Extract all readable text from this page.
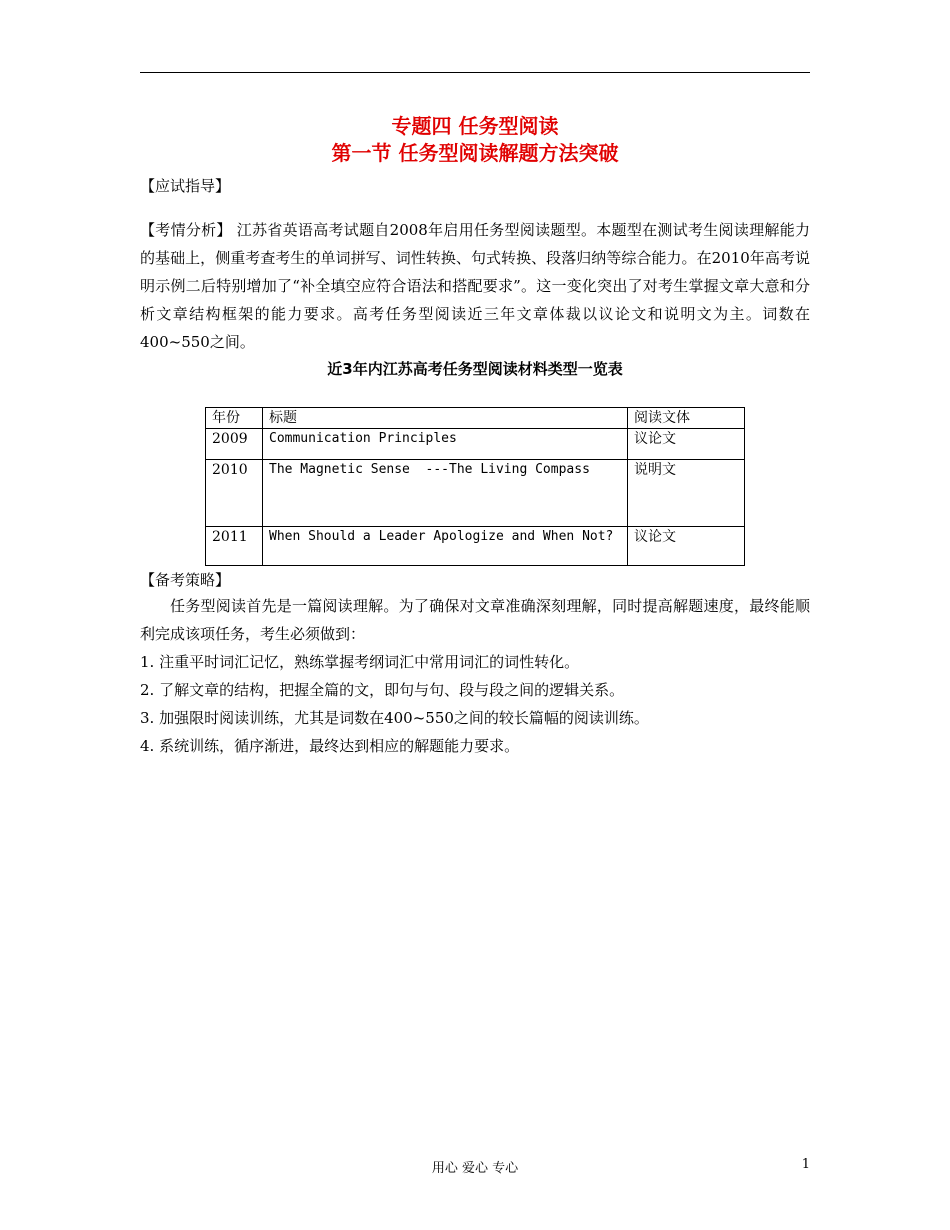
专题四 任务型阅读
第一节 任务型阅读解题方法突破
【应试指导】
【考情分析】 江苏省英语高考试题自2008年启用任务型阅读题型。本题型在测试考生阅读理解能力的基础上，侧重考查考生的单词拼写、词性转换、句式转换、段落归纳等综合能力。在2010年高考说明示例二后特别增加了“补全填空应符合语法和搭配要求”。这一变化突出了对考生掌握文章大意和分析文章结构框架的能力要求。高考任务型阅读近三年文章体裁以议论文和说明文为主。词数在400~550之间。
近3年内江苏高考任务型阅读材料类型一览表
年份	标题	阅读文体
2009	Communication Principles	议论文
2010	The Magnetic Sense  ---The Living Compass	说明文
2011	When Should a Leader Apologize and When Not?	议论文
【备考策略】
任务型阅读首先是一篇阅读理解。为了确保对文章准确深刻理解，同时提高解题速度，最终能顺利完成该项任务，考生必须做到：
1. 注重平时词汇记忆，熟练掌握考纲词汇中常用词汇的词性转化。
2. 了解文章的结构，把握全篇的文，即句与句、段与段之间的逻辑关系。
3. 加强限时阅读训练，尤其是词数在400~550之间的较长篇幅的阅读训练。
4. 系统训练，循序渐进，最终达到相应的解题能力要求。
用心 爱心 专心	1
